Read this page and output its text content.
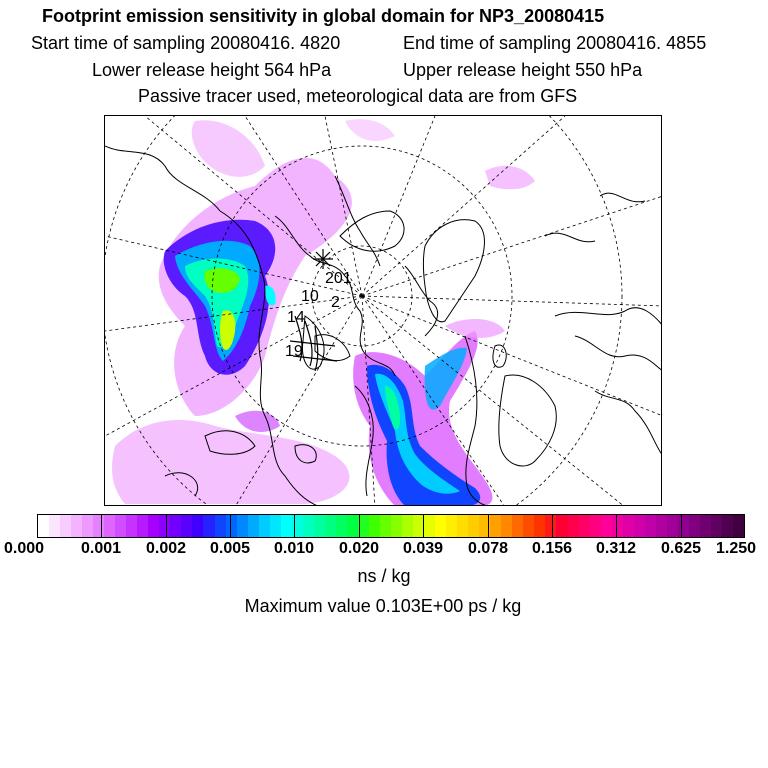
Footprint emission sensitivity in global domain for NP3_20080415
Start time of sampling 20080416. 4820	End time of sampling 20080416. 4855
Lower release height 564 hPa	Upper release height 550 hPa
Passive tracer used, meteorological data are from GFS
201
10 2
14
19
ns / kg
Maximum value 0.103E+00 ps / kg
0.000 0.001 0.002 0.005 0.010 0.020 0.039 0.078 0.156 0.312 0.625 1.250
